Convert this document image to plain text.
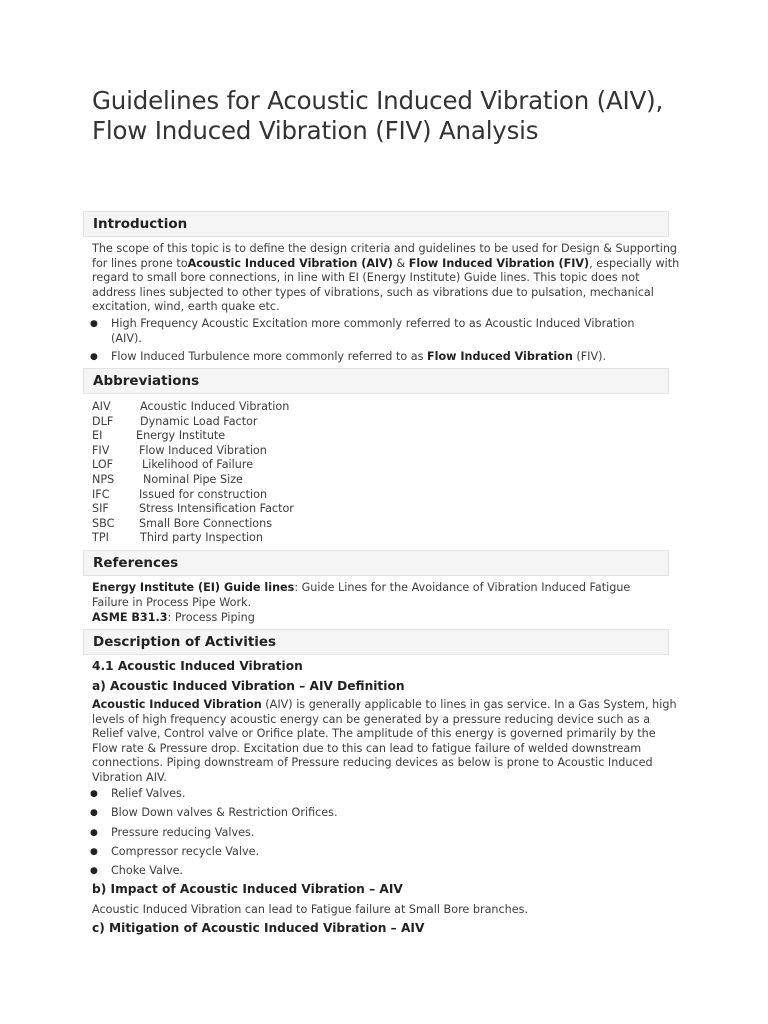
Guidelines for Acoustic Induced Vibration (AIV),
Flow Induced Vibration (FIV) Analysis
Introduction
The scope of this topic is to define the design criteria and guidelines to be used for Design & Supporting for lines prone toAcoustic Induced Vibration (AIV) & Flow Induced Vibration (FIV), especially with regard to small bore connections, in line with EI (Energy Institute) Guide lines. This topic does not address lines subjected to other types of vibrations, such as vibrations due to pulsation, mechanical excitation, wind, earth quake etc.
● High Frequency Acoustic Excitation more commonly referred to as Acoustic Induced Vibration (AIV).
● Flow Induced Turbulence more commonly referred to as Flow Induced Vibration (FIV).
Abbreviations
AIV	Acoustic Induced Vibration
DLF Dynamic Load Factor
EI	Energy Institute
FIV	Flow Induced Vibration
LOF	Likelihood of Failure
NPS	Nominal Pipe Size
IFC	Issued for construction
SIF	Stress Intensification Factor
SBC Small Bore Connections
TPI	Third party Inspection
References
Energy Institute (EI) Guide lines: Guide Lines for the Avoidance of Vibration Induced Fatigue Failure in Process Pipe Work.
ASME B31.3: Process Piping
Description of Activities
4.1 Acoustic Induced Vibration
a) Acoustic Induced Vibration – AIV Definition
Acoustic Induced Vibration (AIV) is generally applicable to lines in gas service. In a Gas System, high levels of high frequency acoustic energy can be generated by a pressure reducing device such as a Relief valve, Control valve or Orifice plate. The amplitude of this energy is governed primarily by the Flow rate & Pressure drop. Excitation due to this can lead to fatigue failure of welded downstream connections. Piping downstream of Pressure reducing devices as below is prone to Acoustic Induced Vibration AIV.
● Relief Valves.
● Blow Down valves & Restriction Orifices.
● Pressure reducing Valves.
● Compressor recycle Valve.
● Choke Valve.
b) Impact of Acoustic Induced Vibration – AIV
Acoustic Induced Vibration can lead to Fatigue failure at Small Bore branches.
c) Mitigation of Acoustic Induced Vibration – AIV
